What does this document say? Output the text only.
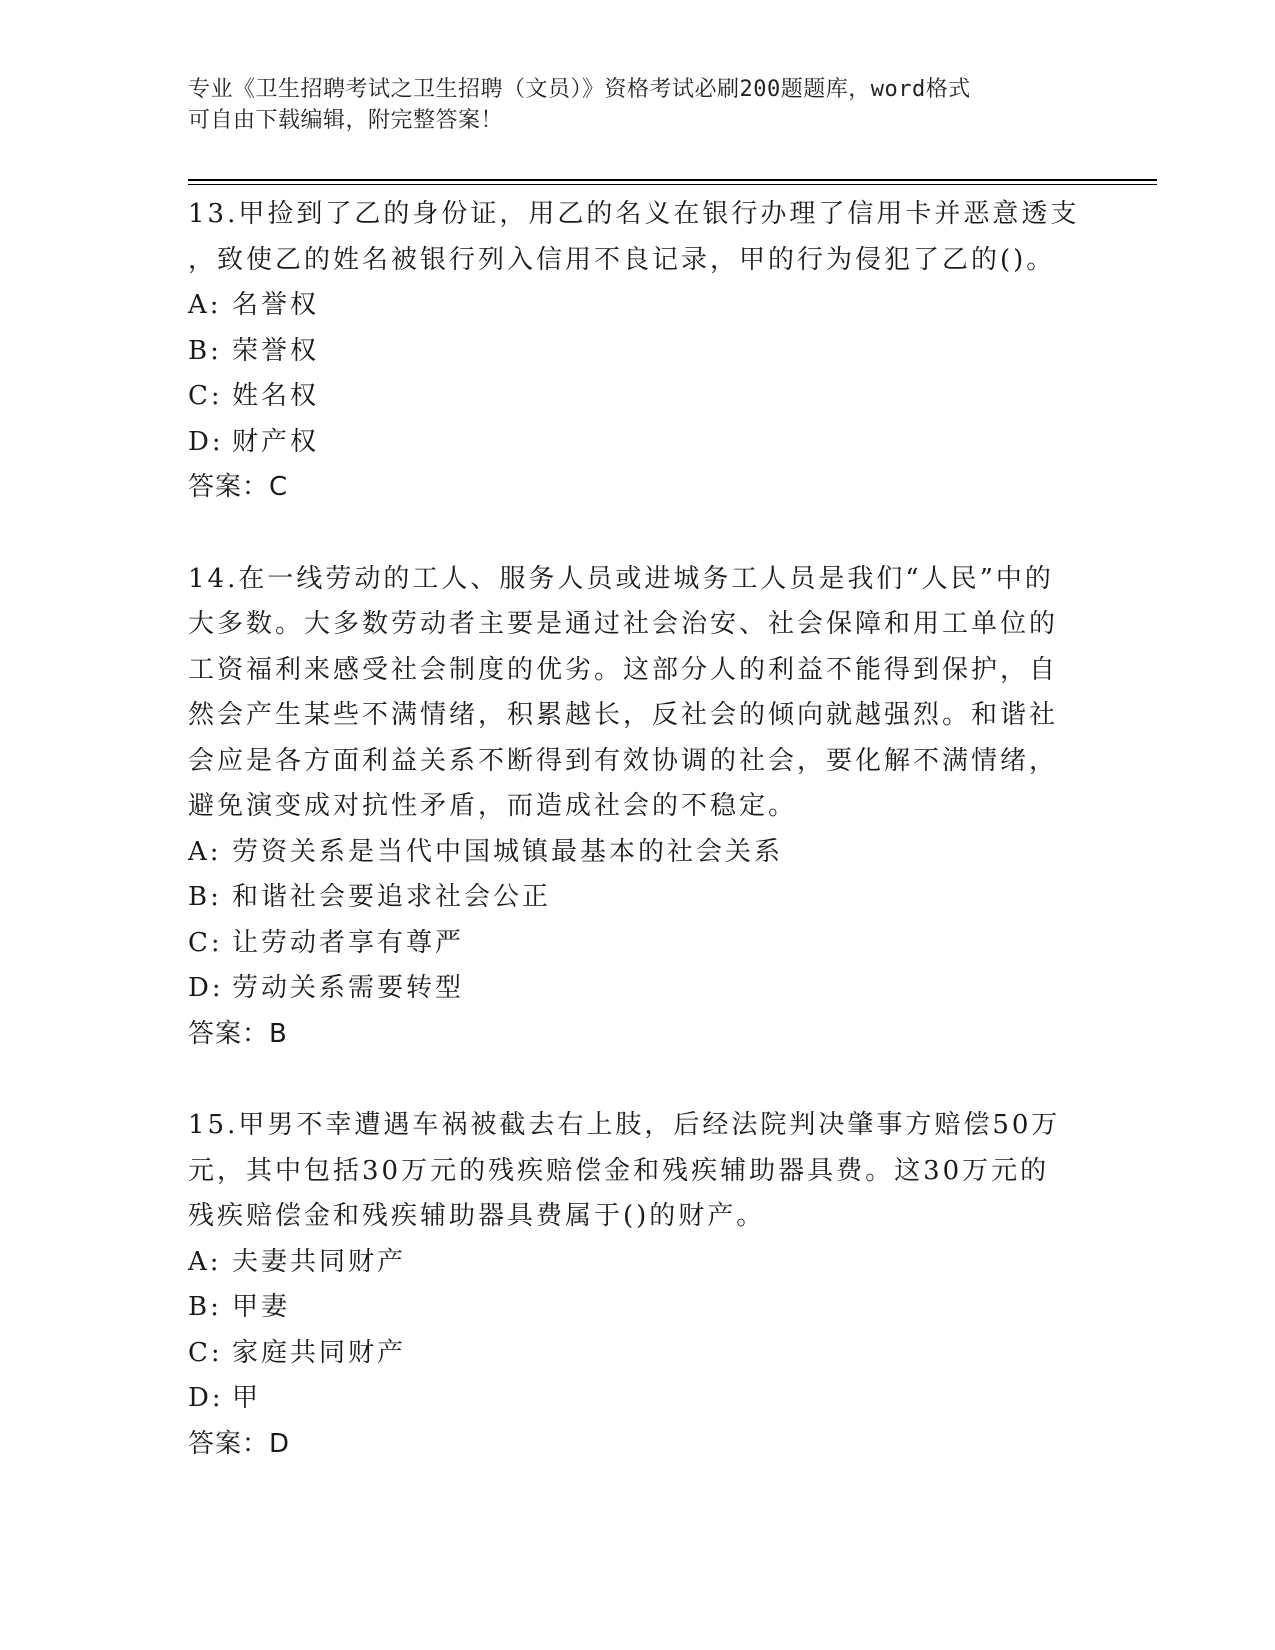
专业《卫生招聘考试之卫生招聘（文员）》资格考试必刷200题题库，word格式
可自由下载编辑，附完整答案！

13.甲捡到了乙的身份证，用乙的名义在银行办理了信用卡并恶意透支

，致使乙的姓名被银行列入信用不良记录，甲的行为侵犯了乙的()。

A: 名誉权

B: 荣誉权

C: 姓名权

D: 财产权

答案：C

14.在一线劳动的工人、服务人员或进城务工人员是我们“人民”中的

大多数。大多数劳动者主要是通过社会治安、社会保障和用工单位的

工资福利来感受社会制度的优劣。这部分人的利益不能得到保护，自

然会产生某些不满情绪，积累越长，反社会的倾向就越强烈。和谐社

会应是各方面利益关系不断得到有效协调的社会，要化解不满情绪，

避免演变成对抗性矛盾，而造成社会的不稳定。

A: 劳资关系是当代中国城镇最基本的社会关系

B: 和谐社会要追求社会公正

C: 让劳动者享有尊严

D: 劳动关系需要转型

答案：B

15.甲男不幸遭遇车祸被截去右上肢，后经法院判决肇事方赔偿50万

元，其中包括30万元的残疾赔偿金和残疾辅助器具费。这30万元的

残疾赔偿金和残疾辅助器具费属于()的财产。

A: 夫妻共同财产

B: 甲妻

C: 家庭共同财产

D: 甲

答案：D
